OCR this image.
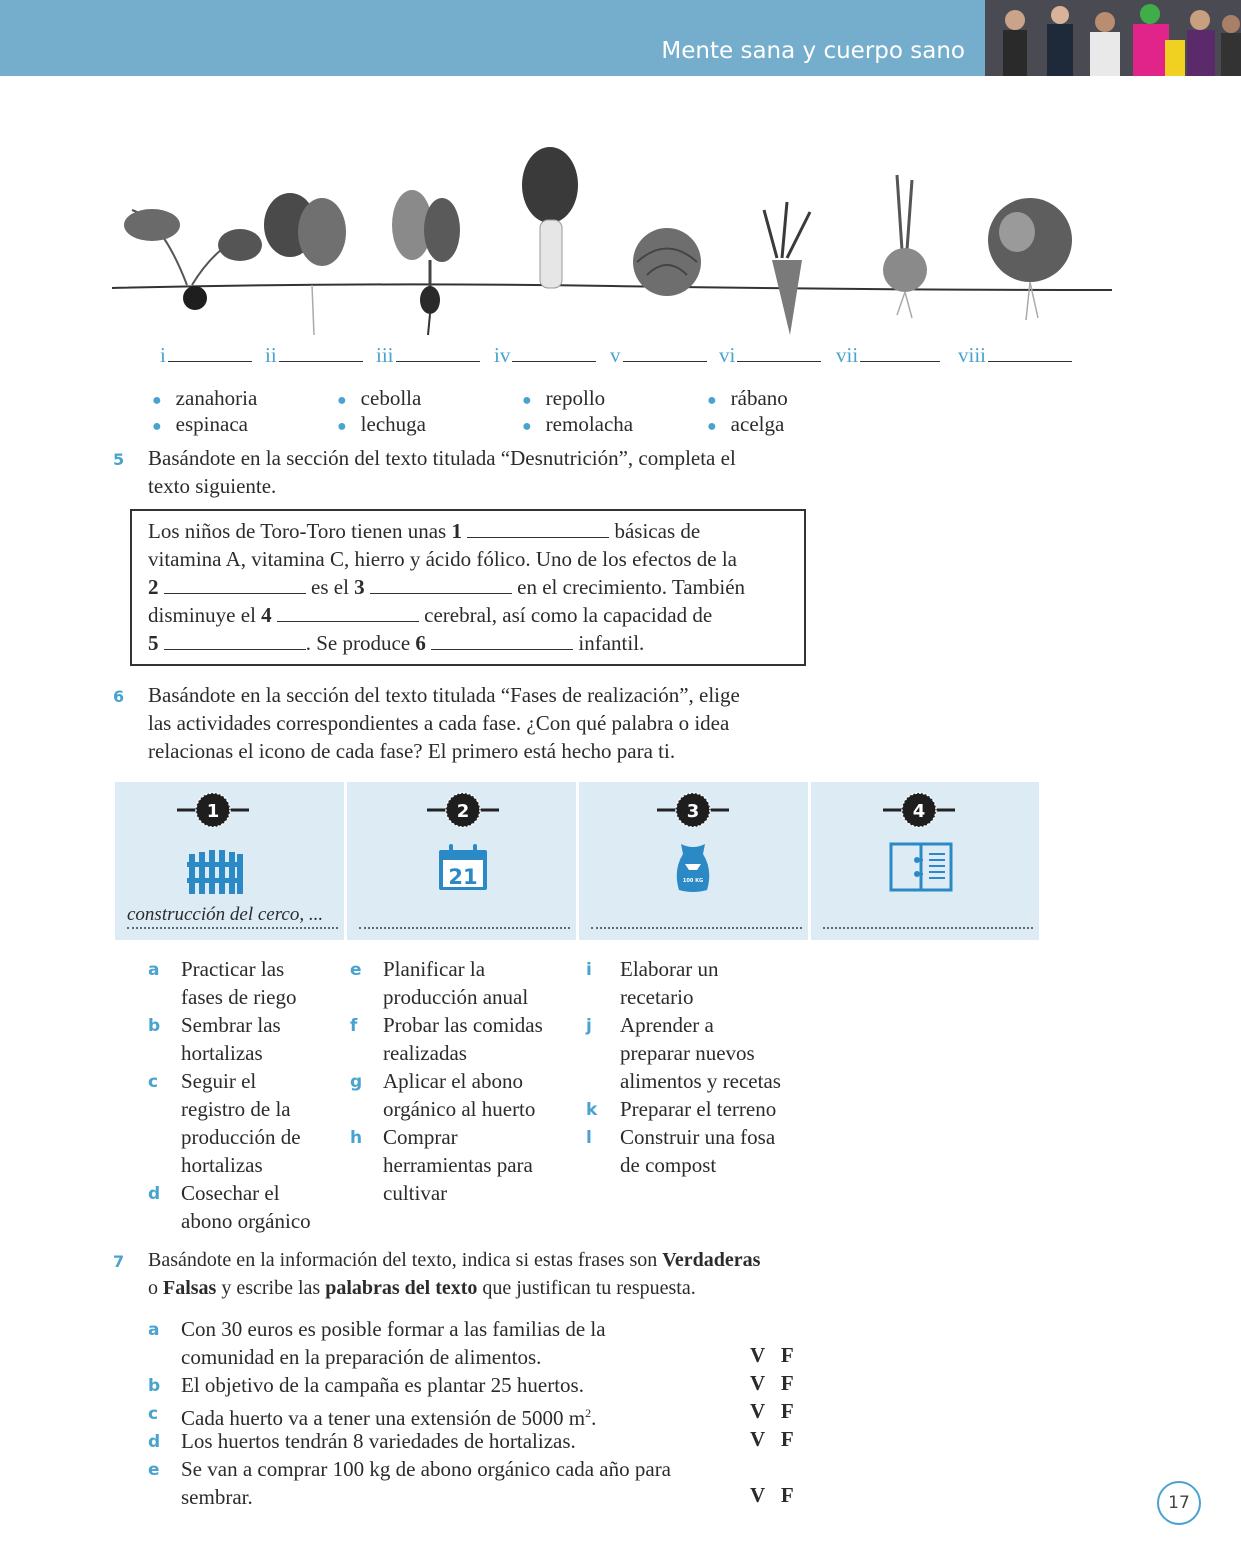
Mente sana y cuerpo sano
i	ii	iii	iv	v	vi	vii	viii
● zanahoria
● espinaca
● cebolla
● lechuga
● repollo
● remolacha
● rábano
● acelga
5 Basándote en la sección del texto titulada “Desnutrición”, completa el
texto siguiente.
Los niños de Toro-Toro tienen unas 1	básicas de
vitamina A, vitamina C, hierro y ácido fólico. Uno de los efectos de la
2	es el 3	en el crecimiento. También
disminuye el 4	cerebral, así como la capacidad de
5	. Se produce 6	infantil.
6 Basándote en la sección del texto titulada “Fases de realización”, elige
las actividades correspondientes a cada fase. ¿Con qué palabra o idea
relacionas el icono de cada fase? El primero está hecho para ti.
1
construcción del cerco, ...
2
21
3
100 KG
4
a Practicar las
fases de riego
b Sembrar las
hortalizas
c Seguir el
registro de la
producción de
hortalizas
d Cosechar el
abono orgánico
e Planificar la
producción anual
f Probar las comidas
realizadas
g Aplicar el abono
orgánico al huerto
h Comprar
herramientas para
cultivar
i Elaborar un
recetario
j Aprender a
preparar nuevos
alimentos y recetas
k Preparar el terreno
l Construir una fosa
de compost
7 Basándote en la información del texto, indica si estas frases son Verdaderas
o Falsas y escribe las palabras del texto que justifican tu respuesta.
a Con 30 euros es posible formar a las familias de la
comunidad en la preparación de alimentos.	V F
b El objetivo de la campaña es plantar 25 huertos.	V F
c Cada huerto va a tener una extensión de 5000 $m^2$.	V F
d Los huertos tendrán 8 variedades de hortalizas.	V F
e Se van a comprar 100 kg de abono orgánico cada año para
sembrar.	V F	17
